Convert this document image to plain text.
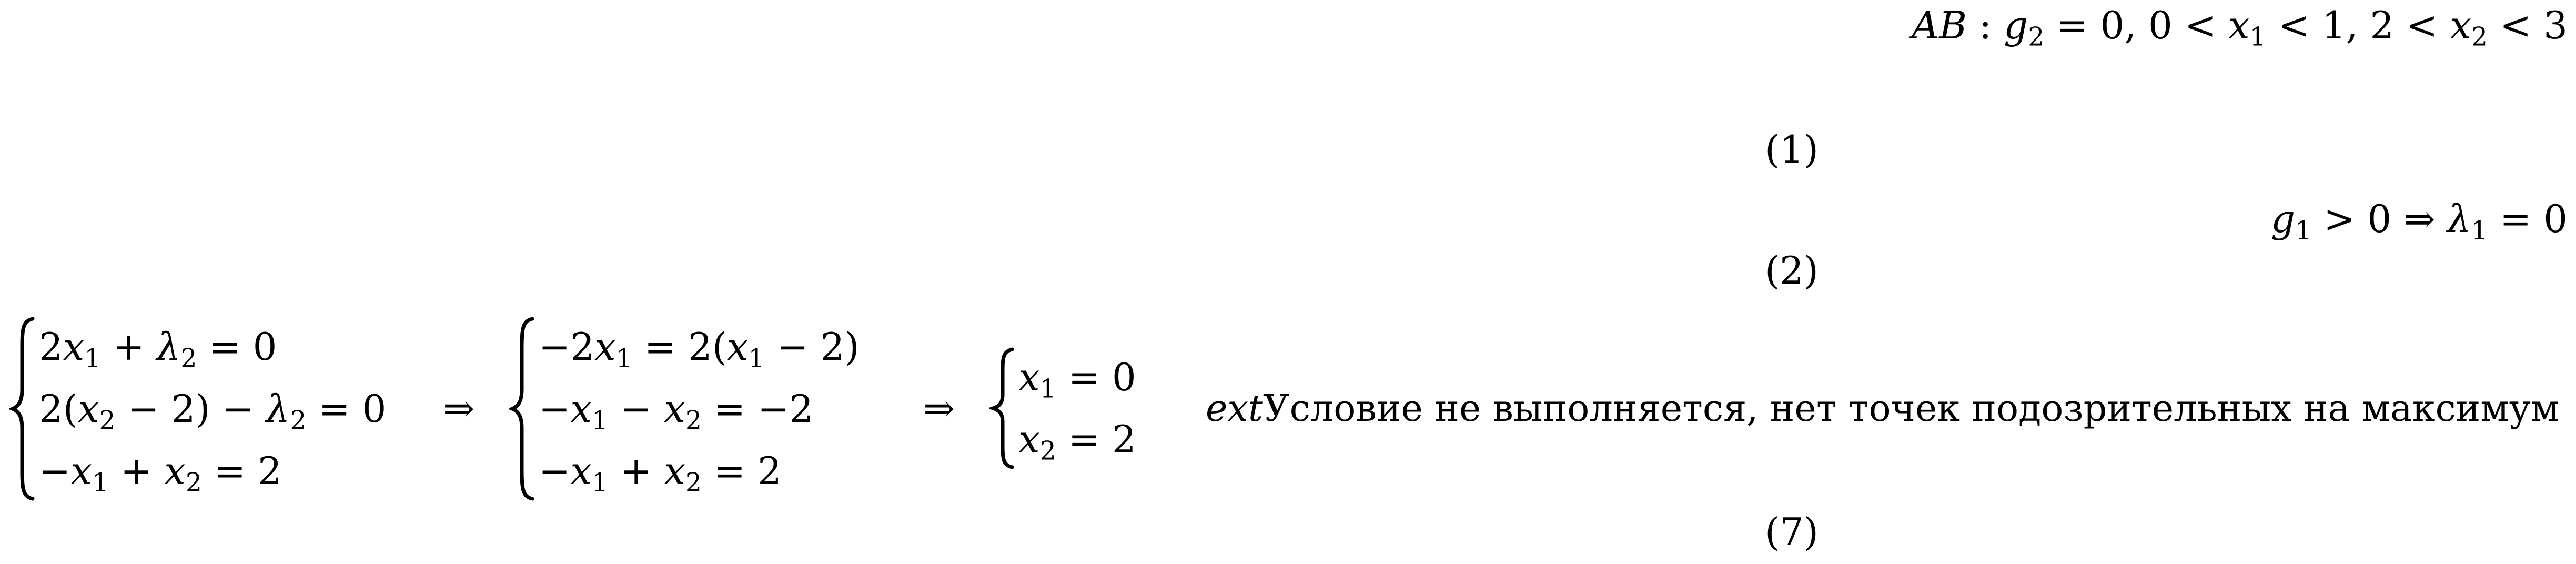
AB : $g_2 = 0$, $0 < x_1 < 1$, $2 < x_2 < 3$
(1)
$g_1 > 0$ ⇒ $\lambda_1 = 0$
(2)
$2x_1 + \lambda_2 = 0$
$2(x_2 - 2) - \lambda_2 = 0$
$-x_1 + x_2 = 2$
⇒
$-2x_1 = 2(x_1 - 2)$
$-x_1 - x_2 = -2$
$-x_1 + x_2 = 2$
⇒
$x_1 = 0$
$x_2 = 2$
extУсловие не выполняется, нет точек подозрительных на максимум
(7)
